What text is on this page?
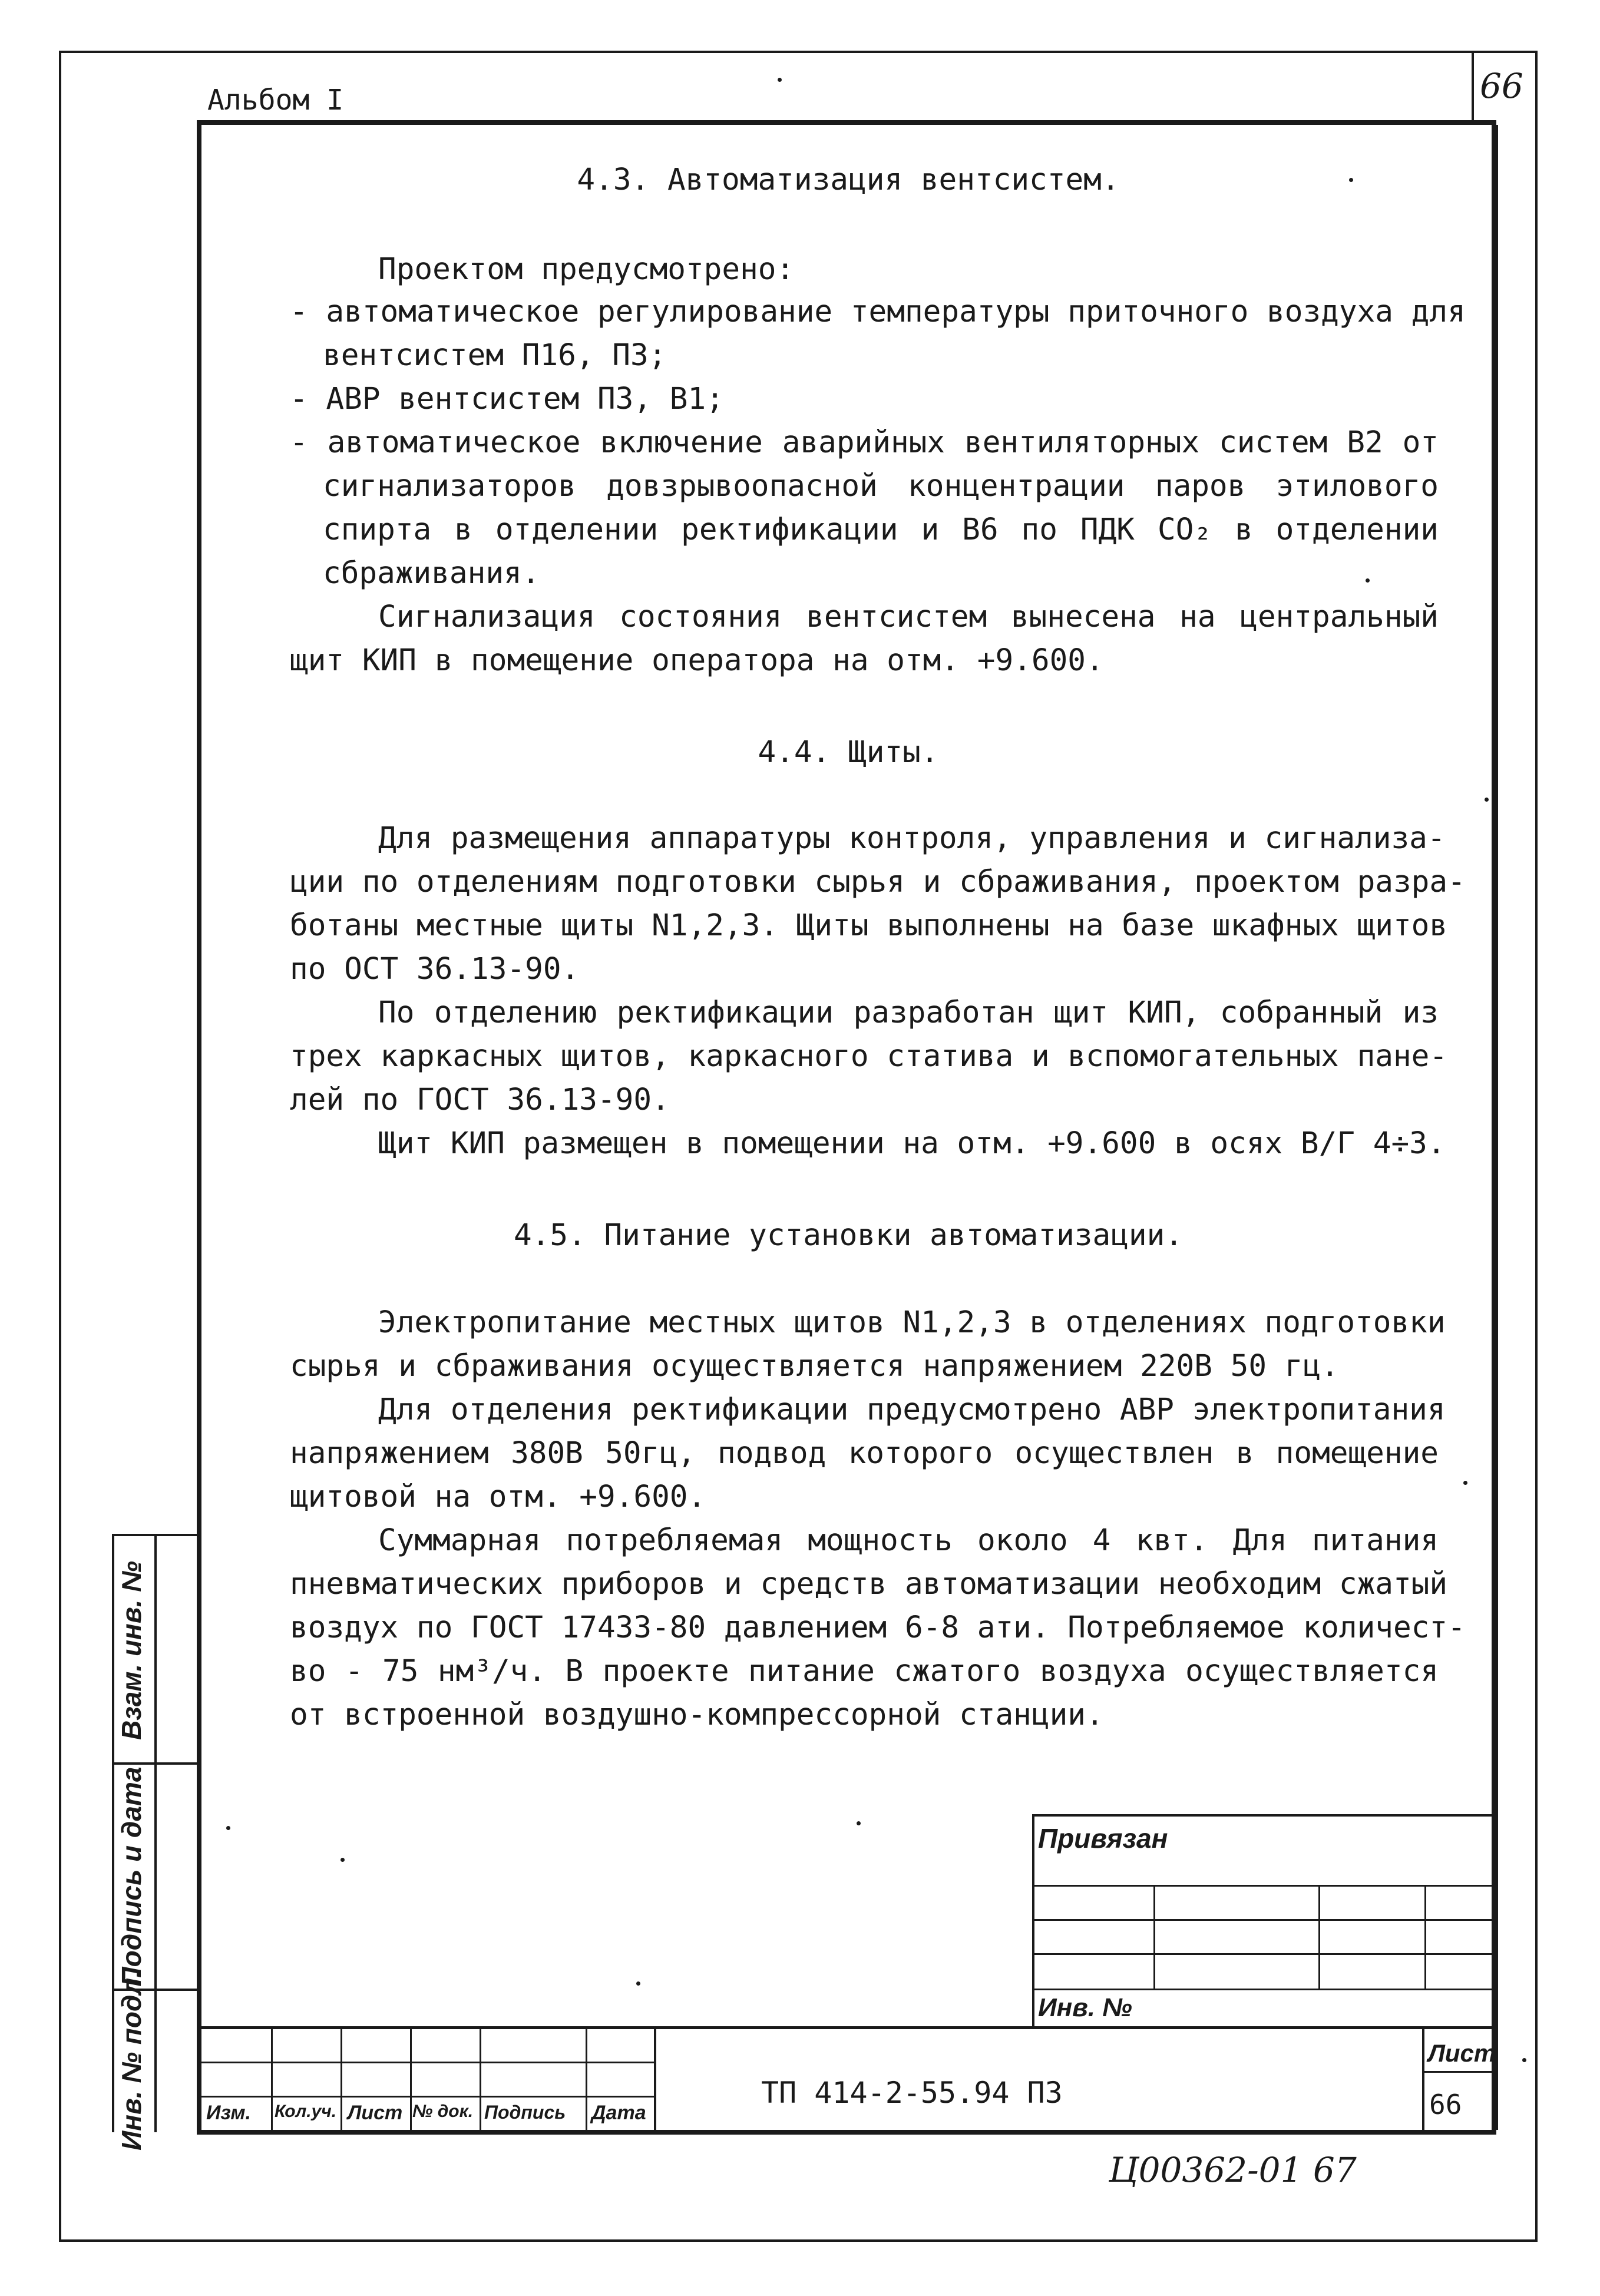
Альбом I	66
4.3. Автоматизация вентсистем.
Проектом предусмотрено:
- автоматическое регулирование температуры приточного воздуха для
вентсистем П16, П3;
- АВР вентсистем П3, В1;
- автоматическое включение аварийных вентиляторных систем В2 от
сигнализаторов довзрывоопасной концентрации паров этилового
спирта в отделении ректификации и В6 по ПДК СО₂ в отделении
сбраживания.
Сигнализация состояния вентсистем вынесена на центральный
щит КИП в помещение оператора на отм. +9.600.
4.4. Щиты.
Для размещения аппаратуры контроля, управления и сигнализа-
ции по отделениям подготовки сырья и сбраживания, проектом разра-
ботаны местные щиты N1,2,3. Щиты выполнены на базе шкафных щитов
по ОСТ 36.13-90.
По отделению ректификации разработан щит КИП, собранный из
трех каркасных щитов, каркасного статива и вспомогательных пане-
лей по ГОСТ 36.13-90.
Щит КИП размещен в помещении на отм. +9.600 в осях В/Г 4÷3.
4.5. Питание установки автоматизации.
Электропитание местных щитов N1,2,3 в отделениях подготовки
сырья и сбраживания осуществляется напряжением 220В 50 гц.
Для отделения ректификации предусмотрено АВР электропитания
напряжением 380В 50гц, подвод которого осуществлен в помещение
щитовой на отм. +9.600.
Суммарная потребляемая мощность около 4 квт. Для питания
пневматических приборов и средств автоматизации необходим сжатый
воздух по ГОСТ 17433-80 давлением 6-8 ати. Потребляемое количест-
во - 75 нм³/ч. В проекте питание сжатого воздуха осуществляется
от встроенной воздушно-компрессорной станции.
Взам. инв. №
Подпись и дата
Инв. № подл.
Привязан
Инв. №
Изм. Кол.уч. Лист № док. Подпись Дата
ТП 414-2-55.94 ПЗ
Лист
66
Ц00362-01 67
